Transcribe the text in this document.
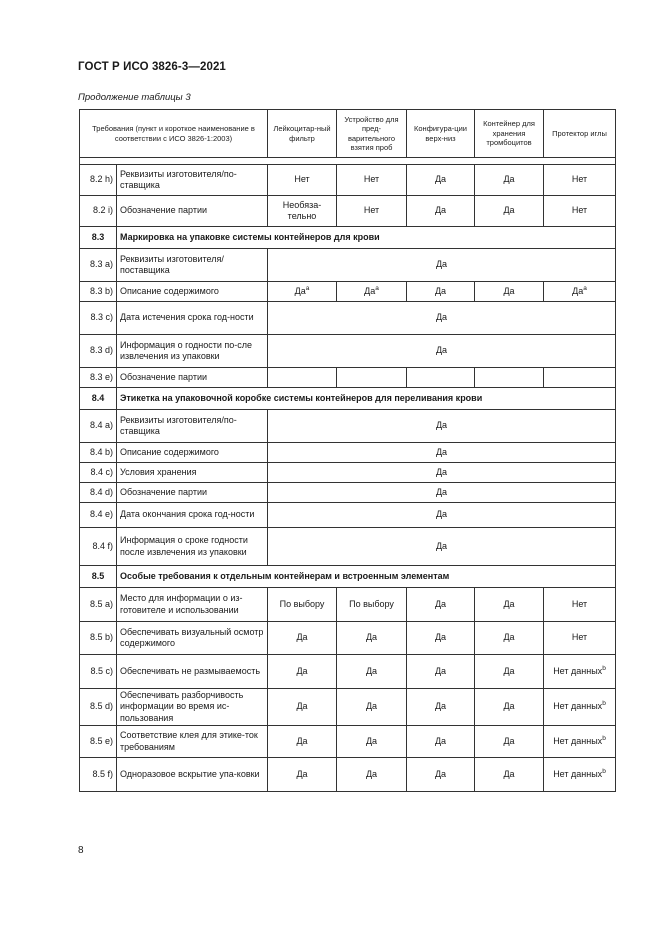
ГОСТ Р ИСО 3826-3—2021
Продолжение таблицы 3
Требования (пункт и короткое наименование в соответствии с ИСО 3826-1:2003)		Лейкоцитар-ный фильтр	Устройство для пред-варительного взятия проб	Конфигура-ции верх-низ	Контейнер для хранения тромбоцитов	Протектор иглы

8.2 h)	Реквизиты изготовителя/по-ставщика	Нет	Нет	Да	Да	Нет
8.2 i)	Обозначение партии	Необяза-тельно	Нет	Да	Да	Нет
8.3	Маркировка на упаковке системы контейнеров для крови					
8.3 a)	Реквизиты изготовителя/ поставщика	Да				
8.3 b)	Описание содержимого	$Да^a$	$Да^a$	Да	Да	$Да^a$
8.3 c)	Дата истечения срока год-ности	Да				
8.3 d)	Информация о годности по-сле извлечения из упаковки	Да				
8.3 e)	Обозначение партии					
8.4	Этикетка на упаковочной коробке системы контейнеров для переливания крови					
8.4 a)	Реквизиты изготовителя/по-ставщика	Да				
8.4 b)	Описание содержимого	Да				
8.4 c)	Условия хранения	Да				
8.4 d)	Обозначение партии	Да				
8.4 e)	Дата окончания срока год-ности	Да				
8.4 f)	Информация о сроке годности после извлечения из упаковки	Да				
8.5	Особые требования к отдельным контейнерам и встроенным элементам					
8.5 a)	Место для информации о из-готовителе и использовании	По выбору	По выбору	Да	Да	Нет
8.5 b)	Обеспечивать визуальный осмотр содержимого	Да	Да	Да	Да	Нет
8.5 c)	Обеспечивать не размываемость	Да	Да	Да	Да	Нет данных$^b$
8.5 d)	Обеспечивать разборчивость информации во время ис-пользования	Да	Да	Да	Да	Нет данных$^b$
8.5 e)	Соответствие клея для этике-ток требованиям	Да	Да	Да	Да	Нет данных$^b$
8.5 f)	Одноразовое вскрытие упа-ковки	Да	Да	Да	Да	Нет данных$^b$
8
